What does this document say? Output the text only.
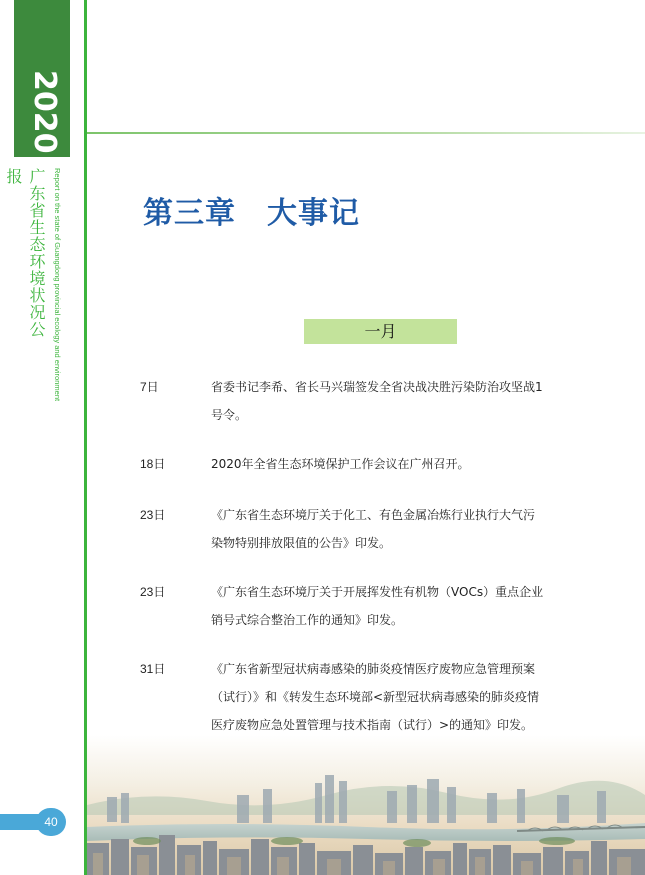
2020
广东省生态环境状况公报	Report on the state of Guangdong provincial ecology and environment
40
第三章　大事记
一月
7日	省委书记李希、省长马兴瑞签发全省决战决胜污染防治攻坚战1号令。
18日	2020年全省生态环境保护工作会议在广州召开。
23日	《广东省生态环境厅关于化工、有色金属冶炼行业执行大气污染物特别排放限值的公告》印发。
23日	《广东省生态环境厅关于开展挥发性有机物（VOCs）重点企业销号式综合整治工作的通知》印发。
31日	《广东省新型冠状病毒感染的肺炎疫情医疗废物应急管理预案（试行）》和《转发生态环境部<新型冠状病毒感染的肺炎疫情医疗废物应急处置管理与技术指南（试行）>的通知》印发。
